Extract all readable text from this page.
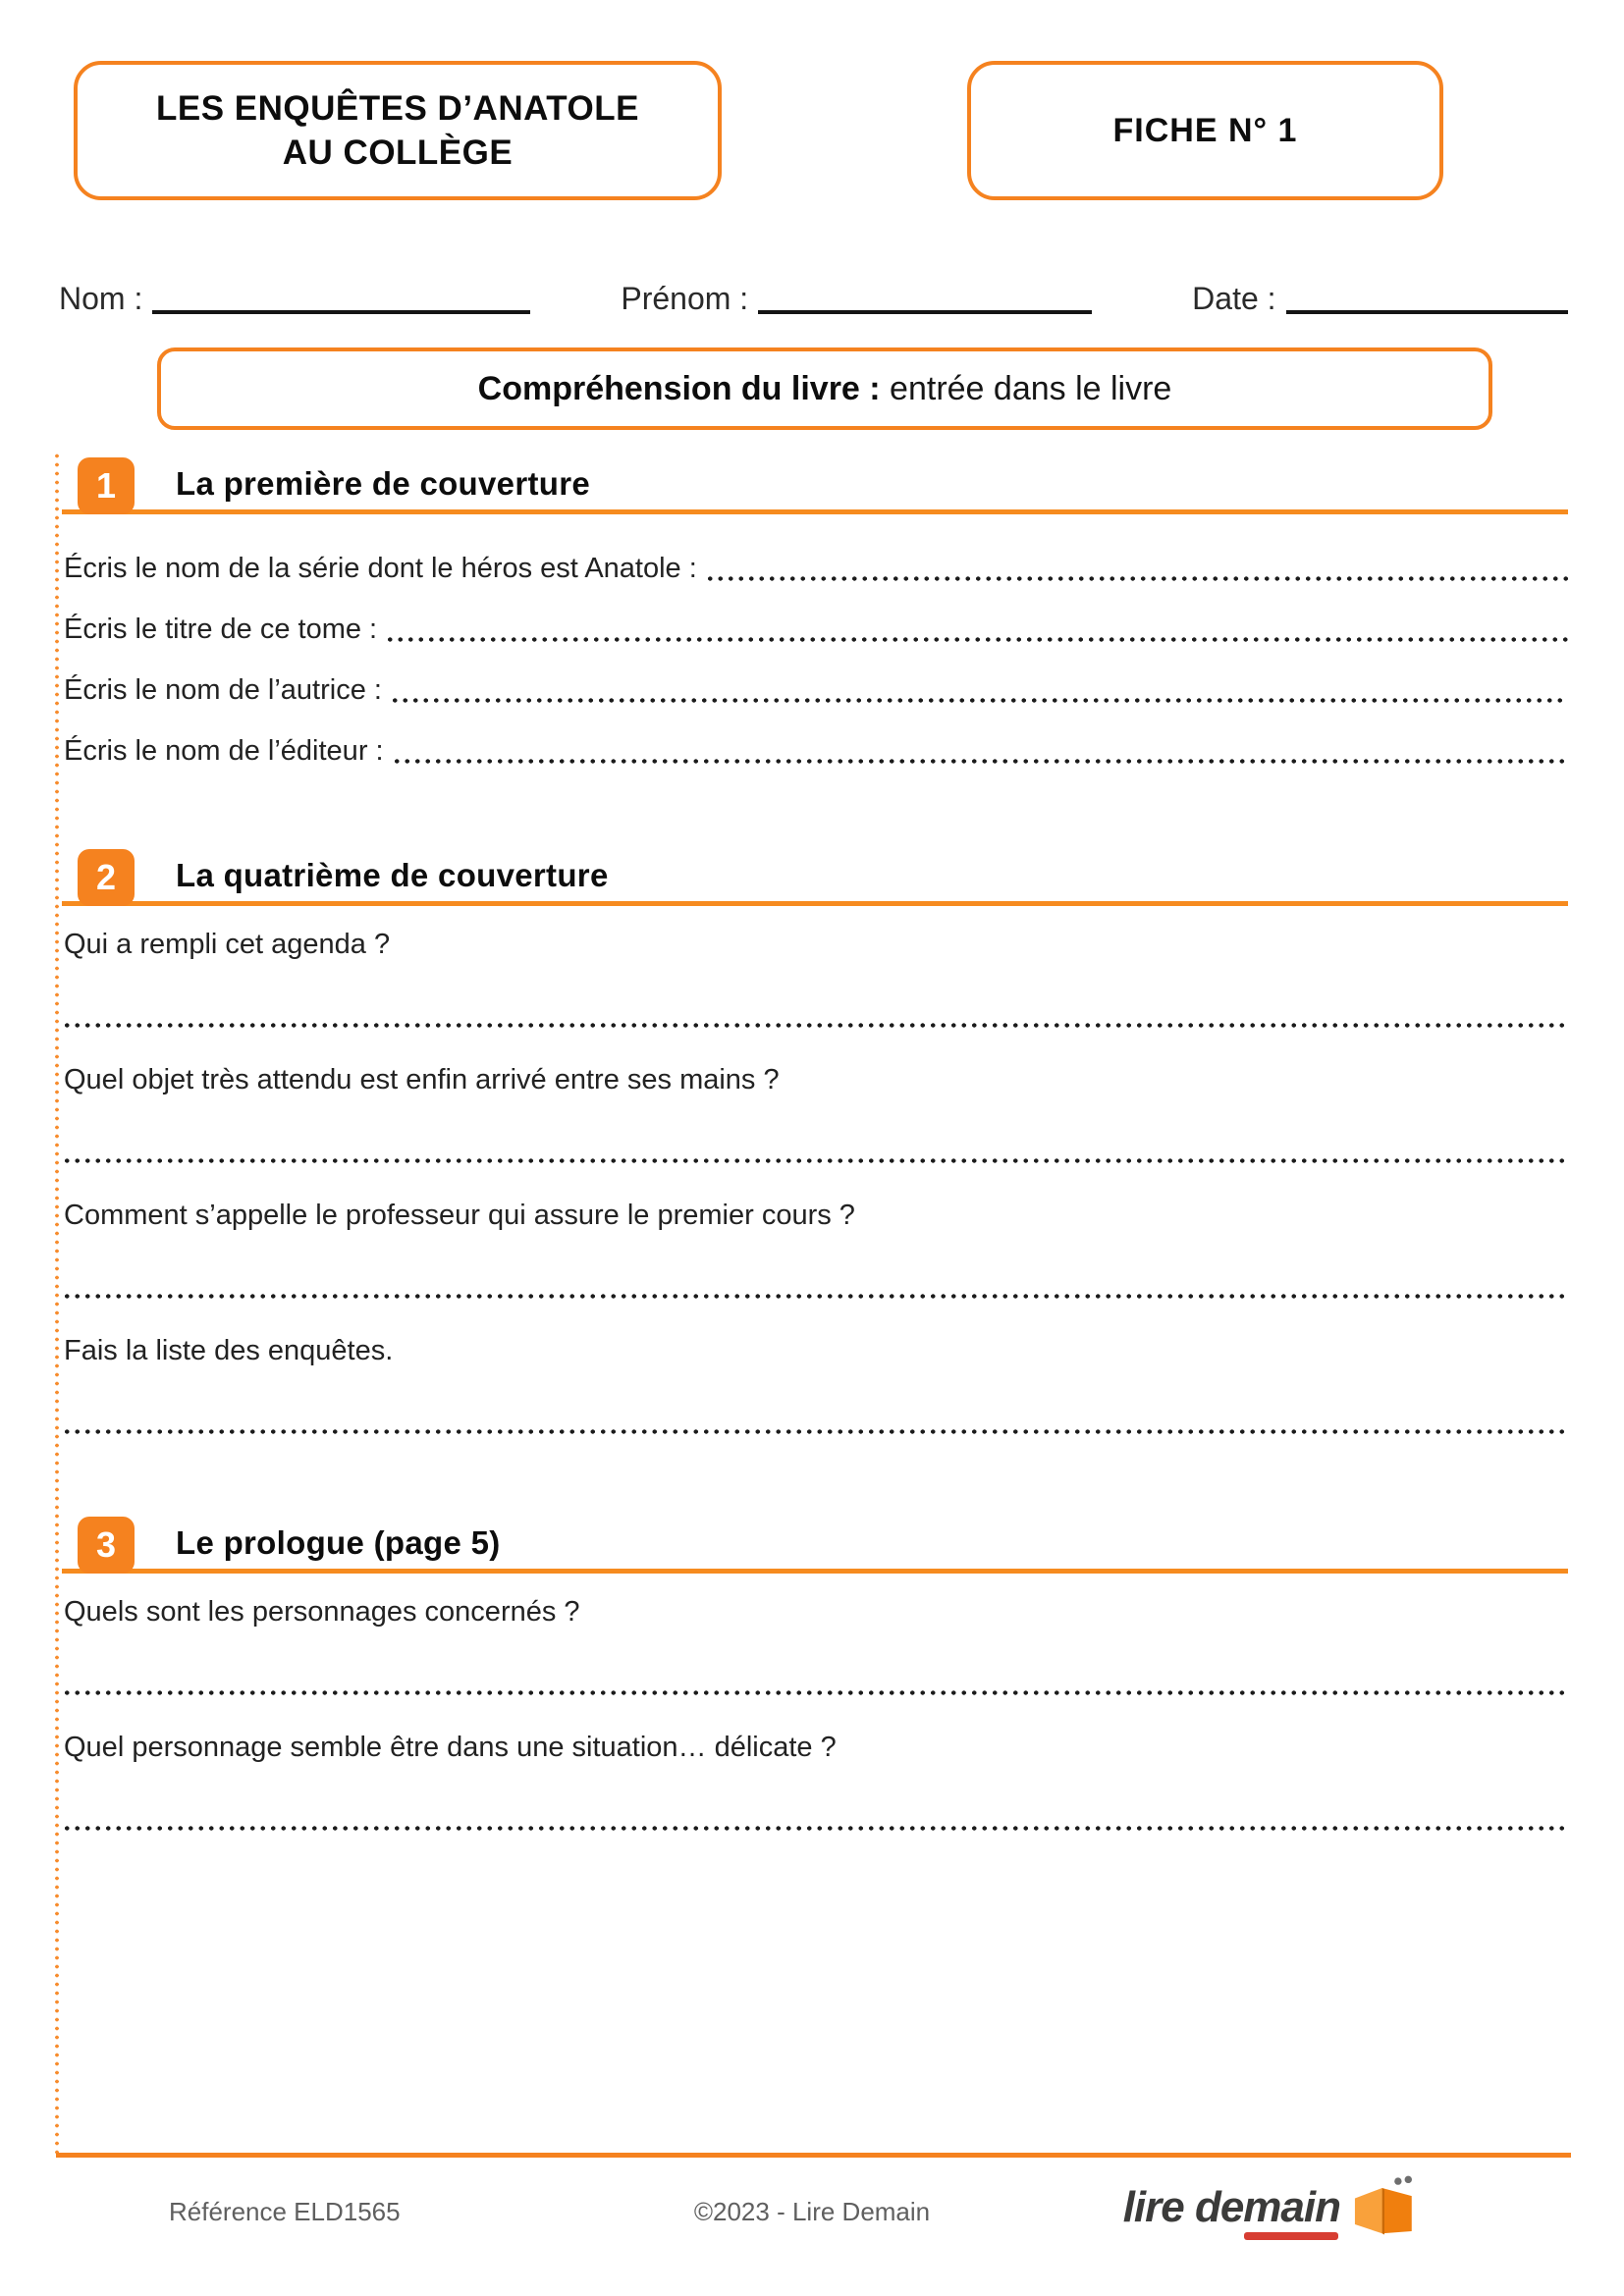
LES ENQUÊTES D’ANATOLE
AU COLLÈGE
FICHE N° 1
Nom :	Prénom :	Date :
Compréhension du livre : entrée dans le livre
1 La première de couverture
Écris le nom de la série dont le héros est Anatole :
Écris le titre de ce tome :
Écris le nom de l’autrice :
Écris le nom de l’éditeur :
2 La quatrième de couverture

Qui a rempli cet agenda ?

Quel objet très attendu est enfin arrivé entre ses mains ?

Comment s’appelle le professeur qui assure le premier cours ?

Fais la liste des enquêtes.

3 Le prologue (page 5)

Quels sont les personnages concernés ?

Quel personnage semble être dans une situation… délicate ?

Référence ELD1565	©2023 - Lire Demain	lire demain
